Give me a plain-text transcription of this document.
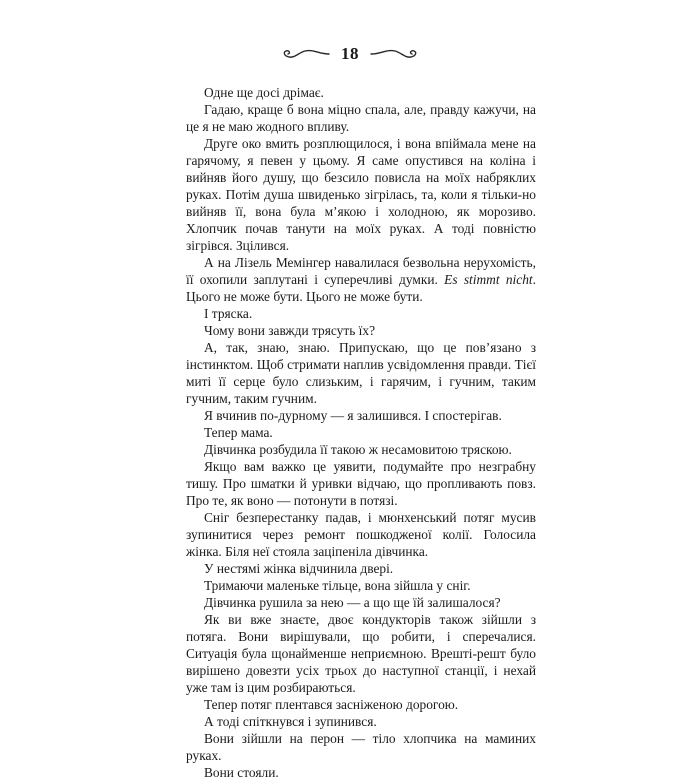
18

Одне ще досі дрімає.

Гадаю, краще б вона міцно спала, але, правду кажучи, на це я не маю жодного впливу.

Друге око вмить розплющилося, і вона впіймала мене на гарячому, я певен у цьому. Я саме опустився на коліна і вийняв його душу, що безсило повисла на моїх набряклих руках. Потім душа швиденько зігрілась, та, коли я тільки-но вийняв її, вона була м’якою і холодною, як морозиво. Хлопчик почав танути на моїх руках. А тоді повністю зігрівся. Зцілився.

А на Лізель Мемінгер навалилася безвольна нерухомість, її охопили заплутані і суперечливі думки. Es stimmt nicht. Цього не може бути. Цього не може бути.

І тряска.

Чому вони завжди трясуть їх?

А, так, знаю, знаю. Припускаю, що це пов’язано з інстинктом. Щоб стримати наплив усвідомлення правди. Тієї миті її серце було слизьким, і гарячим, і гучним, таким гучним, таким гучним.

Я вчинив по-дурному — я залишився. І спостерігав.

Тепер мама.

Дівчинка розбудила її такою ж несамовитою тряскою.

Якщо вам важко це уявити, подумайте про незграбну тишу. Про шматки й уривки відчаю, що пропливають повз. Про те, як воно — потонути в потязі.

Сніг безперестанку падав, і мюнхенський потяг мусив зупинитися через ремонт пошкодженої колії. Голосила жінка. Біля неї стояла заціпеніла дівчинка.

У нестямі жінка відчинила двері.

Тримаючи маленьке тільце, вона зійшла у сніг.

Дівчинка рушила за нею — а що ще їй залишалося?

Як ви вже знаєте, двоє кондукторів також зійшли з потяга. Вони вирішували, що робити, і сперечалися. Ситуація була щонайменше неприємною. Врешті-решт було вирішено довезти усіх трьох до наступної станції, і нехай уже там із цим розбираються.

Тепер потяг плентався засніженою дорогою.

А тоді спіткнувся і зупинився.

Вони зійшли на перон — тіло хлопчика на маминих руках.

Вони стояли.
